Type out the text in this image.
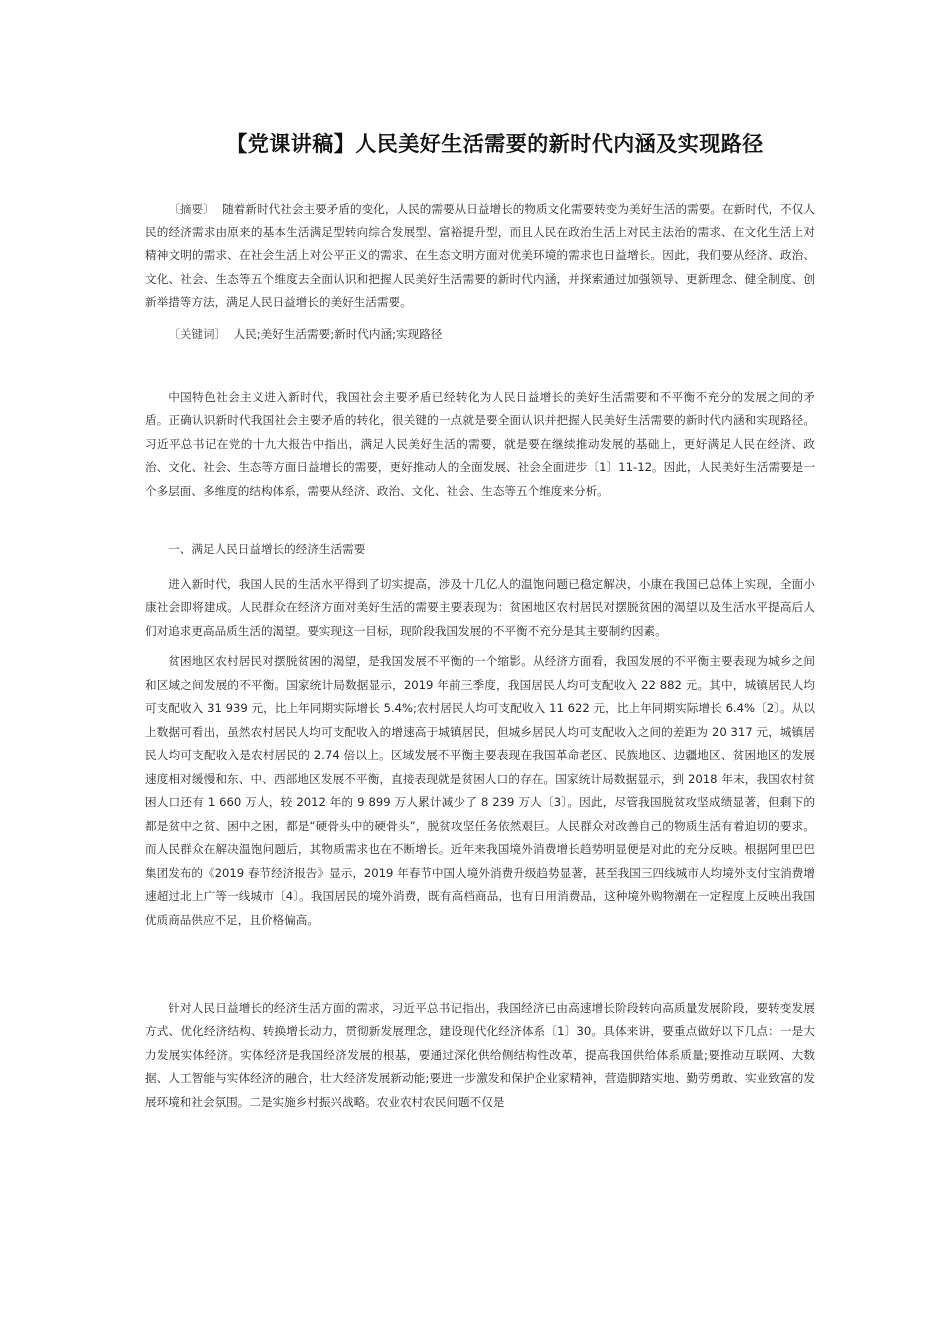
【党课讲稿】人民美好生活需要的新时代内涵及实现路径

〔摘要〕 随着新时代社会主要矛盾的变化，人民的需要从日益增长的物质文化需要转变为美好生活的需要。在新时代，不仅人民的经济需求由原来的基本生活满足型转向综合发展型、富裕提升型，而且人民在政治生活上对民主法治的需求、在文化生活上对精神文明的需求、在社会生活上对公平正义的需求、在生态文明方面对优美环境的需求也日益增长。因此，我们要从经济、政治、文化、社会、生态等五个维度去全面认识和把握人民美好生活需要的新时代内涵，并探索通过加强领导、更新理念、健全制度、创新举措等方法，满足人民日益增长的美好生活需要。

〔关键词〕 人民;美好生活需要;新时代内涵;实现路径

中国特色社会主义进入新时代，我国社会主要矛盾已经转化为人民日益增长的美好生活需要和不平衡不充分的发展之间的矛盾。正确认识新时代我国社会主要矛盾的转化，很关键的一点就是要全面认识并把握人民美好生活需要的新时代内涵和实现路径。习近平总书记在党的十九大报告中指出，满足人民美好生活的需要，就是要在继续推动发展的基础上，更好满足人民在经济、政治、文化、社会、生态等方面日益增长的需要，更好推动人的全面发展、社会全面进步〔1〕11-12。因此，人民美好生活需要是一个多层面、多维度的结构体系，需要从经济、政治、文化、社会、生态等五个维度来分析。

一、满足人民日益增长的经济生活需要

进入新时代，我国人民的生活水平得到了切实提高，涉及十几亿人的温饱问题已稳定解决，小康在我国已总体上实现，全面小康社会即将建成。人民群众在经济方面对美好生活的需要主要表现为：贫困地区农村居民对摆脱贫困的渴望以及生活水平提高后人们对追求更高品质生活的渴望。要实现这一目标，现阶段我国发展的不平衡不充分是其主要制约因素。

贫困地区农村居民对摆脱贫困的渴望，是我国发展不平衡的一个缩影。从经济方面看，我国发展的不平衡主要表现为城乡之间和区域之间发展的不平衡。国家统计局数据显示，2019 年前三季度，我国居民人均可支配收入 22 882 元。其中，城镇居民人均可支配收入 31 939 元，比上年同期实际增长 5.4%;农村居民人均可支配收入 11 622 元，比上年同期实际增长 6.4%〔2〕。从以上数据可看出，虽然农村居民人均可支配收入的增速高于城镇居民，但城乡居民人均可支配收入之间的差距为 20 317 元，城镇居民人均可支配收入是农村居民的 2.74 倍以上。区域发展不平衡主要表现在我国革命老区、民族地区、边疆地区、贫困地区的发展速度相对缓慢和东、中、西部地区发展不平衡，直接表现就是贫困人口的存在。国家统计局数据显示，到 2018 年末，我国农村贫困人口还有 1 660 万人，较 2012 年的 9 899 万人累计减少了 8 239 万人〔3〕。因此，尽管我国脱贫攻坚成绩显著，但剩下的都是贫中之贫、困中之困，都是“硬骨头中的硬骨头”，脱贫攻坚任务依然艰巨。人民群众对改善自己的物质生活有着迫切的要求。而人民群众在解决温饱问题后，其物质需求也在不断增长。近年来我国境外消费增长趋势明显便是对此的充分反映。根据阿里巴巴集团发布的《2019 春节经济报告》显示，2019 年春节中国人境外消费升级趋势显著，甚至我国三四线城市人均境外支付宝消费增速超过北上广等一线城市〔4〕。我国居民的境外消费，既有高档商品，也有日用消费品，这种境外购物潮在一定程度上反映出我国优质商品供应不足，且价格偏高。

针对人民日益增长的经济生活方面的需求，习近平总书记指出，我国经济已由高速增长阶段转向高质量发展阶段，要转变发展方式、优化经济结构、转换增长动力，贯彻新发展理念，建设现代化经济体系〔1〕30。具体来讲，要重点做好以下几点：一是大力发展实体经济。实体经济是我国经济发展的根基，要通过深化供给侧结构性改革，提高我国供给体系质量;要推动互联网、大数据、人工智能与实体经济的融合，壮大经济发展新动能;要进一步激发和保护企业家精神，营造脚踏实地、勤劳勇敢、实业致富的发展环境和社会氛围。二是实施乡村振兴战略。农业农村农民问题不仅是
